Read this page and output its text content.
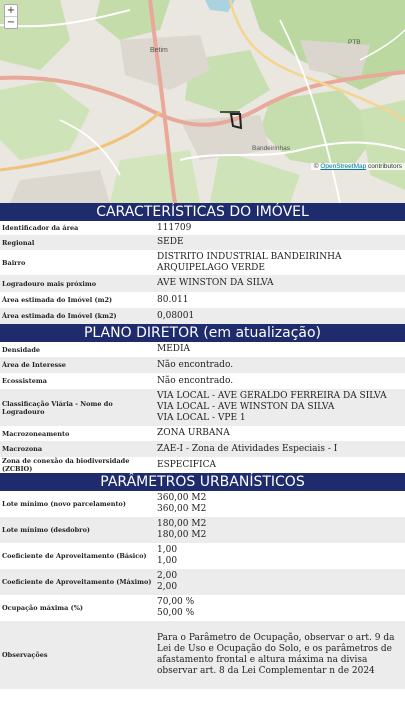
Betim
PTB
Bandeirinhas
+
−
© OpenStreetMap contributors
CARACTERÍSTICAS DO IMÓVEL
Identificador da área	111709
Regional	SEDE
Bairro	DISTRITO INDUSTRIAL BANDEIRINHA
ARQUIPELAGO VERDE
Logradouro mais próximo	AVE WINSTON DA SILVA
Área estimada do Imóvel (m2)	80.011
Área estimada do Imóvel (km2)	0,08001
PLANO DIRETOR (em atualização)
Densidade	MEDIA
Área de Interesse	Não encontrado.
Ecossistema	Não encontrado.
Classificação Viária - Nome do Logradouro	VIA LOCAL - AVE GERALDO FERREIRA DA SILVA
VIA LOCAL - AVE WINSTON DA SILVA
VIA LOCAL - VPE 1
Macrozoneamento	ZONA URBANA
Macrozona	ZAE-I - Zona de Atividades Especiais - I
Zona de conexão da biodiversidade (ZCBIO)	ESPECIFICA
PARÂMETROS URBANÍSTICOS
Lote mínimo (novo parcelamento)	360,00 M2
360,00 M2
Lote mínimo (desdobro)	180,00 M2
180,00 M2
Coeficiente de Aproveitamento (Básico)	1,00
1,00
Coeficiente de Aproveitamento (Máximo)	2,00
2,00
Ocupação máxima (%)	70,00 %
50,00 %
Observações	Para o Parâmetro de Ocupação, observar o art. 9 da Lei de Uso e Ocupação do Solo, e os parâmetros de afastamento frontal e altura máxima na divisa observar art. 8 da Lei Complementar n de 2024
